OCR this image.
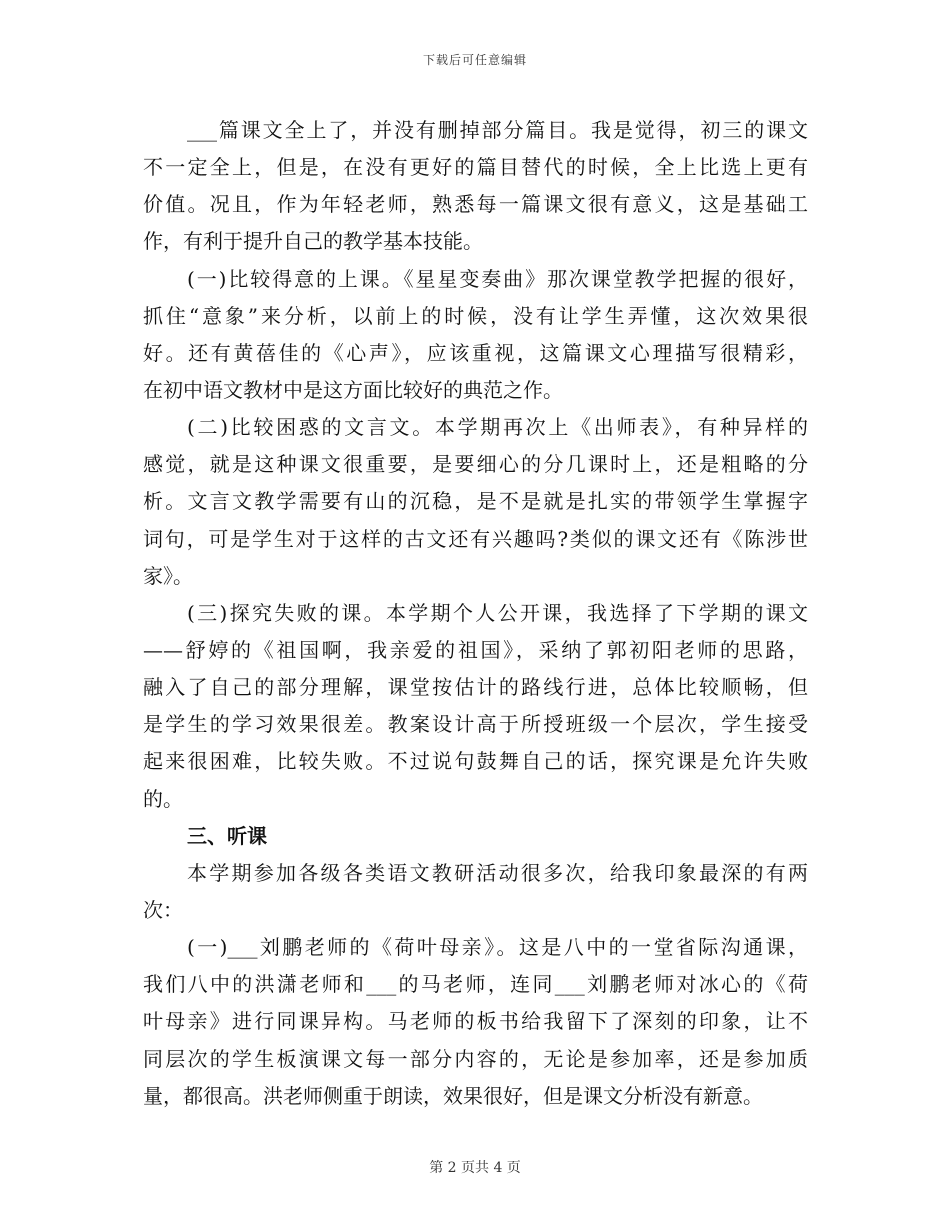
下载后可任意编辑
___篇课文全上了，并没有删掉部分篇目。我是觉得，初三的课文
不一定全上，但是，在没有更好的篇目替代的时候，全上比选上更有
价值。况且，作为年轻老师，熟悉每一篇课文很有意义，这是基础工
作，有利于提升自己的教学基本技能。
(一)比较得意的上课。《星星变奏曲》那次课堂教学把握的很好，
抓住“意象”来分析，以前上的时候，没有让学生弄懂，这次效果很
好。还有黄蓓佳的《心声》，应该重视，这篇课文心理描写很精彩，
在初中语文教材中是这方面比较好的典范之作。
(二)比较困惑的文言文。本学期再次上《出师表》，有种异样的
感觉，就是这种课文很重要，是要细心的分几课时上，还是粗略的分
析。文言文教学需要有山的沉稳，是不是就是扎实的带领学生掌握字
词句，可是学生对于这样的古文还有兴趣吗?类似的课文还有《陈涉世
家》。
(三)探究失败的课。本学期个人公开课，我选择了下学期的课文
——舒婷的《祖国啊，我亲爱的祖国》，采纳了郭初阳老师的思路，
融入了自己的部分理解，课堂按估计的路线行进，总体比较顺畅，但
是学生的学习效果很差。教案设计高于所授班级一个层次，学生接受
起来很困难，比较失败。不过说句鼓舞自己的话，探究课是允许失败
的。
三、听课
本学期参加各级各类语文教研活动很多次，给我印象最深的有两
次：
(一)___刘鹏老师的《荷叶母亲》。这是八中的一堂省际沟通课，
我们八中的洪潇老师和___的马老师，连同___刘鹏老师对冰心的《荷
叶母亲》进行同课异构。马老师的板书给我留下了深刻的印象，让不
同层次的学生板演课文每一部分内容的，无论是参加率，还是参加质
量，都很高。洪老师侧重于朗读，效果很好，但是课文分析没有新意。
第 2 页共 4 页
